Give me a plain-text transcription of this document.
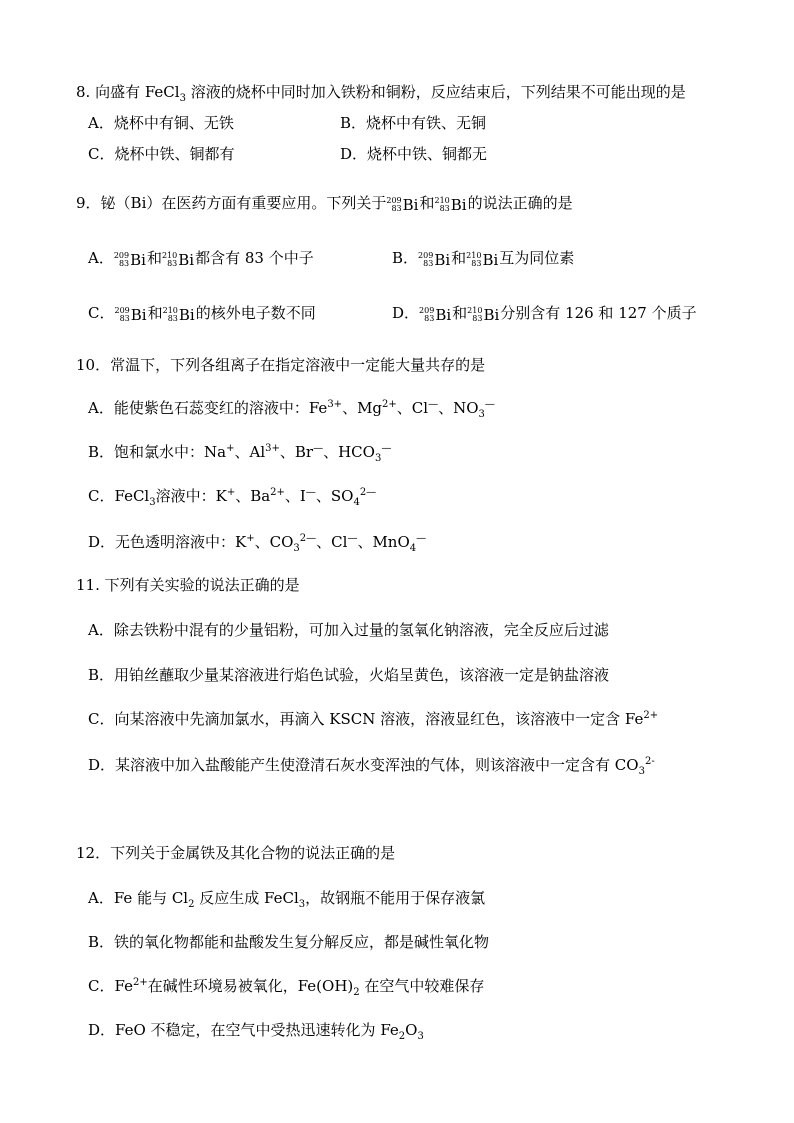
8. 向盛有 FeCl$_3$ 溶液的烧杯中同时加入铁粉和铜粉，反应结束后，下列结果不可能出现的是
A．烧杯中有铜、无铁	B．烧杯中有铁、无铜
C．烧杯中铁、铜都有	D．烧杯中铁、铜都无
9．铋（Bi）在医药方面有重要应用。下列关于209
83Bi和210
83Bi的说法正确的是
A．209
83Bi和210
83Bi都含有 83 个中子	B．209
83Bi和210
83Bi互为同位素
C．209
83Bi和210
83Bi的核外电子数不同	D．209
83Bi和210
83Bi分别含有 126 和 127 个质子
10．常温下，下列各组离子在指定溶液中一定能大量共存的是
A．能使紫色石蕊变红的溶液中：$Fe^{3+}$、$Mg^{2+}$、Cl—、$NO_3^—$
B．饱和氯水中：Na+、$Al^{3+}$、Br—、$HCO_3^—$
C．FeCl$_3$溶液中：K+、$Ba^{2+}$、I—、$SO_4^{2—}$
D．无色透明溶液中：K+、$CO_3^{2—}$、Cl—、MnO$_4$—
11. 下列有关实验的说法正确的是
A．除去铁粉中混有的少量铝粉，可加入过量的氢氧化钠溶液，完全反应后过滤
B．用铂丝蘸取少量某溶液进行焰色试验，火焰呈黄色，该溶液一定是钠盐溶液
C．向某溶液中先滴加氯水，再滴入 KSCN 溶液，溶液显红色，该溶液中一定含 $Fe^{2+}$
D．某溶液中加入盐酸能产生使澄清石灰水变浑浊的气体，则该溶液中一定含有 $CO_3^{2-}$
12．下列关于金属铁及其化合物的说法正确的是
A．Fe 能与 $Cl_2$ 反应生成 FeCl$_3$，故钢瓶不能用于保存液氯
B．铁的氧化物都能和盐酸发生复分解反应，都是碱性氧化物
C．$Fe^{2+}$在碱性环境易被氧化，$Fe(OH)_2$ 在空气中较难保存
D．FeO 不稳定，在空气中受热迅速转化为 $Fe_2O_3$
